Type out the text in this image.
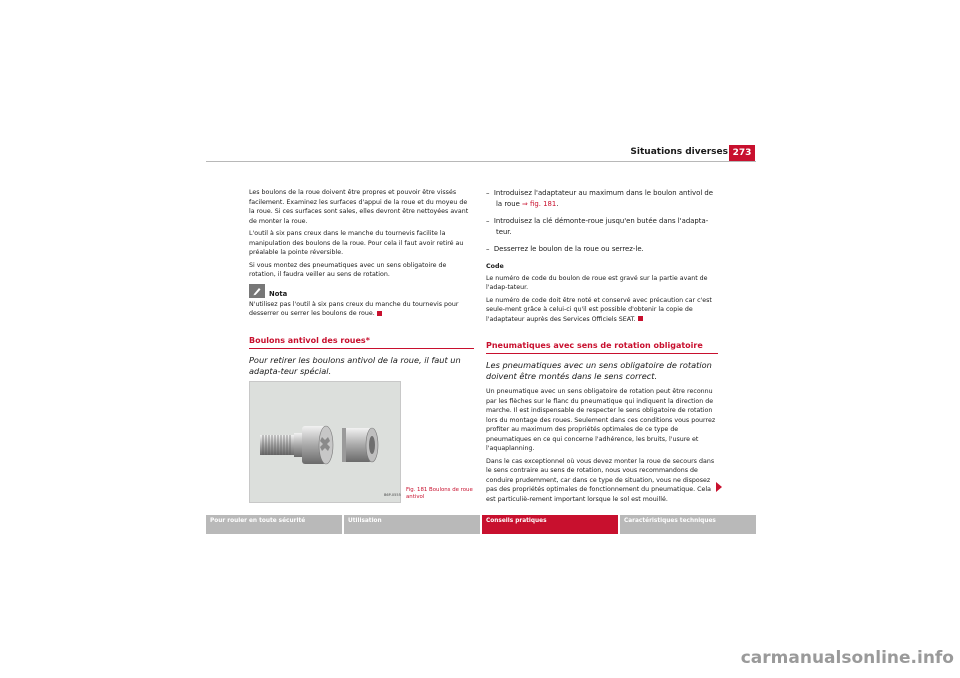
Situations diverses 273

Les boulons de la roue doivent être propres et pouvoir être vissés facilement. Examinez les surfaces d'appui de la roue et du moyeu de la roue. Si ces surfaces sont sales, elles devront être nettoyées avant de monter la roue.

L'outil à six pans creux dans le manche du tournevis facilite la manipulation des boulons de la roue. Pour cela il faut avoir retiré au préalable la pointe réversible.

Si vous montez des pneumatiques avec un sens obligatoire de rotation, il faudra veiller au sens de rotation.

Nota

N'utilisez pas l'outil à six pans creux du manche du tournevis pour desserrer ou serrer les boulons de roue.

Boulons antivol des roues*

Pour retirer les boulons antivol de la roue, il faut un adapta-teur spécial.

B6P-0555
Fig. 181 Boulons de roue antivol

– Introduisez l'adaptateur au maximum dans le boulon antivol de la roue ⇒ fig. 181.

– Introduisez la clé démonte-roue jusqu'en butée dans l'adapta-teur.

– Desserrez le boulon de la roue ou serrez-le.

Code

Le numéro de code du boulon de roue est gravé sur la partie avant de l'adap-tateur.

Le numéro de code doit être noté et conservé avec précaution car c'est seule-ment grâce à celui-ci qu'il est possible d'obtenir la copie de l'adaptateur auprès des Services Officiels SEAT.

Pneumatiques avec sens de rotation obligatoire

Les pneumatiques avec un sens obligatoire de rotation doivent être montés dans le sens correct.

Un pneumatique avec un sens obligatoire de rotation peut être reconnu par les flèches sur le flanc du pneumatique qui indiquent la direction de marche. Il est indispensable de respecter le sens obligatoire de rotation lors du montage des roues. Seulement dans ces conditions vous pourrez profiter au maximum des propriétés optimales de ce type de pneumatiques en ce qui concerne l'adhérence, les bruits, l'usure et l'aquaplanning.

Dans le cas exceptionnel où vous devez monter la roue de secours dans le sens contraire au sens de rotation, nous vous recommandons de conduire prudemment, car dans ce type de situation, vous ne disposez pas des propriétés optimales de fonctionnement du pneumatique. Cela est particuliè-rement important lorsque le sol est mouillé.

Pour rouler en toute sécurité	Utilisation	Conseils pratiques	Caractéristiques techniques
carmanualsonline.info
